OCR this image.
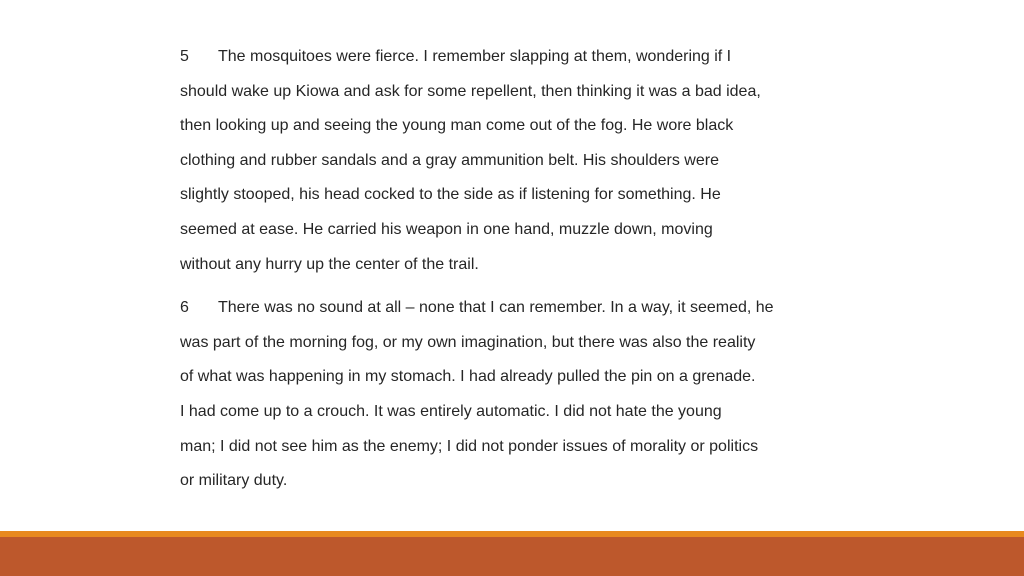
5 The mosquitoes were fierce. I remember slapping at them, wondering if I
should wake up Kiowa and ask for some repellent, then thinking it was a bad idea,
then looking up and seeing the young man come out of the fog. He wore black
clothing and rubber sandals and a gray ammunition belt. His shoulders were
slightly stooped, his head cocked to the side as if listening for something. He
seemed at ease. He carried his weapon in one hand, muzzle down, moving
without any hurry up the center of the trail.
6 There was no sound at all – none that I can remember. In a way, it seemed, he
was part of the morning fog, or my own imagination, but there was also the reality
of what was happening in my stomach. I had already pulled the pin on a grenade.
I had come up to a crouch. It was entirely automatic. I did not hate the young
man; I did not see him as the enemy; I did not ponder issues of morality or politics
or military duty.
